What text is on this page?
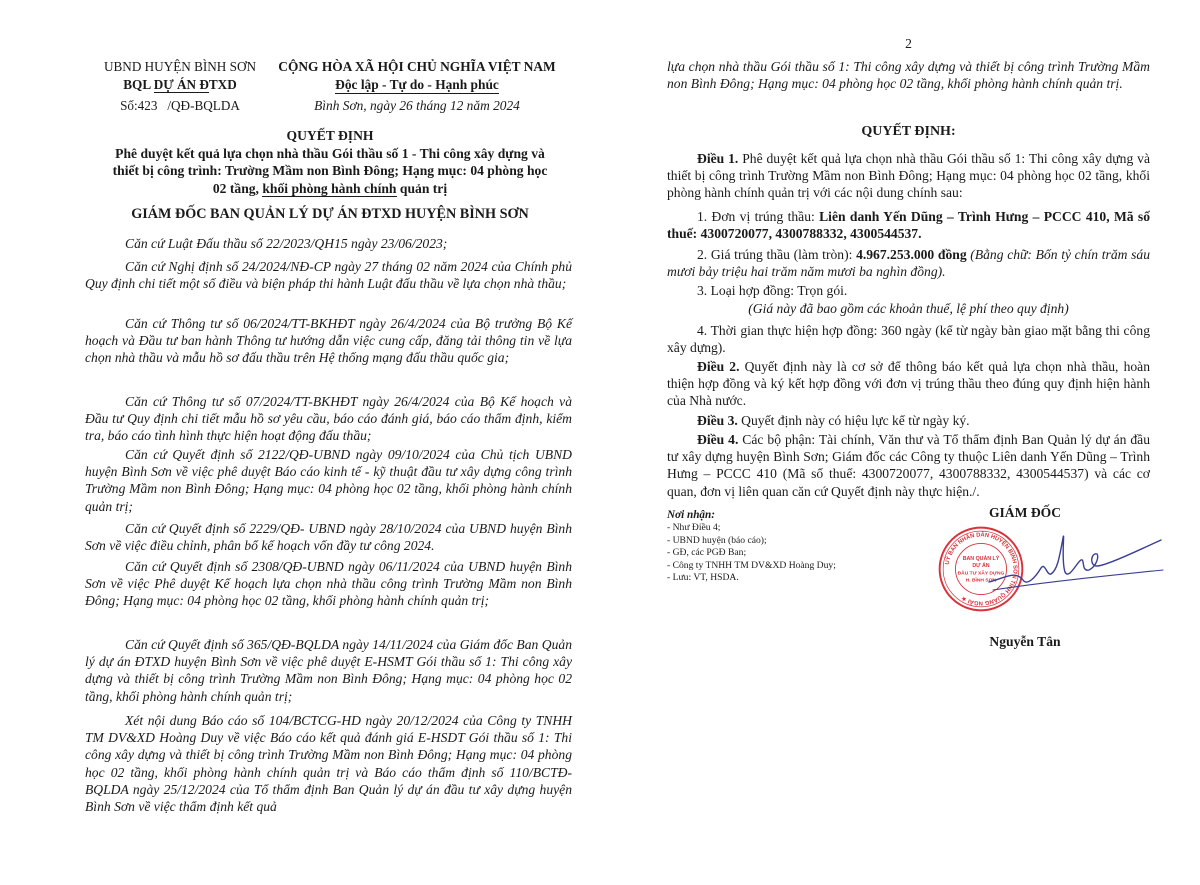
UBND HUYỆN BÌNH SƠN
BQL DỰ ÁN ĐTXD
Số:423   /QĐ-BQLDA
CỘNG HÒA XÃ HỘI CHỦ NGHĨA VIỆT NAM
Độc lập - Tự do - Hạnh phúc
Bình Sơn, ngày 26 tháng 12 năm 2024
QUYẾT ĐỊNH
Phê duyệt kết quả lựa chọn nhà thầu Gói thầu số 1 - Thi công xây dựng và
thiết bị công trình: Trường Mầm non Bình Đông; Hạng mục: 04 phòng học
02 tầng, khối phòng hành chính quản trị
GIÁM ĐỐC BAN QUẢN LÝ DỰ ÁN ĐTXD HUYỆN BÌNH SƠN

Căn cứ Luật Đấu thầu số 22/2023/QH15 ngày 23/06/2023;

Căn cứ Nghị định số 24/2024/NĐ-CP ngày 27 tháng 02 năm 2024 của Chính phủ Quy định chi tiết một số điều và biện pháp thi hành Luật đấu thầu về lựa chọn nhà thầu;

Căn cứ Thông tư số 06/2024/TT-BKHĐT ngày 26/4/2024 của Bộ trưởng Bộ Kế hoạch và Đầu tư ban hành Thông tư hướng dẫn việc cung cấp, đăng tải thông tin về lựa chọn nhà thầu và mẫu hồ sơ đấu thầu trên Hệ thống mạng đấu thầu quốc gia;

Căn cứ Thông tư số 07/2024/TT-BKHĐT ngày 26/4/2024 của Bộ Kế hoạch và Đầu tư Quy định chi tiết mẫu hồ sơ yêu cầu, báo cáo đánh giá, báo cáo thẩm định, kiểm tra, báo cáo tình hình thực hiện hoạt động đấu thầu;

Căn cứ Quyết định số 2122/QĐ-UBND ngày 09/10/2024 của Chủ tịch UBND huyện Bình Sơn về việc phê duyệt Báo cáo kinh tế - kỹ thuật đầu tư xây dựng công trình Trường Mầm non Bình Đông; Hạng mục: 04 phòng học 02 tầng, khối phòng hành chính quản trị;

Căn cứ Quyết định số 2229/QĐ- UBND ngày 28/10/2024 của UBND huyện Bình Sơn về việc điều chỉnh, phân bổ kế hoạch vốn đầy tư công 2024.

Căn cứ Quyết định số 2308/QĐ-UBND ngày 06/11/2024 của UBND huyện Bình Sơn về việc Phê duyệt Kế hoạch lựa chọn nhà thầu công trình Trường Mầm non Bình Đông; Hạng mục: 04 phòng học 02 tầng, khối phòng hành chính quản trị;

Căn cứ Quyết định số 365/QĐ-BQLDA ngày 14/11/2024 của Giám đốc Ban Quản lý dự án ĐTXD huyện Bình Sơn về việc phê duyệt E-HSMT Gói thầu số 1: Thi công xây dựng và thiết bị công trình Trường Mầm non Bình Đông; Hạng mục: 04 phòng học 02 tầng, khối phòng hành chính quản trị;

Xét nội dung Báo cáo số 104/BCTCG-HD ngày 20/12/2024 của Công ty TNHH TM DV&XD Hoàng Duy về việc Báo cáo kết quả đánh giá E-HSDT Gói thầu số 1: Thi công xây dựng và thiết bị công trình Trường Mầm non Bình Đông; Hạng mục: 04 phòng học 02 tầng, khối phòng hành chính quản trị và Báo cáo thẩm định số 110/BCTĐ-BQLDA ngày 25/12/2024 của Tổ thẩm định Ban Quản lý dự án đầu tư xây dựng huyện Bình Sơn về việc thẩm định kết quả

2

lựa chọn nhà thầu Gói thầu số 1: Thi công xây dựng và thiết bị công trình Trường Mầm non Bình Đông; Hạng mục: 04 phòng học 02 tầng, khối phòng hành chính quản trị.

QUYẾT ĐỊNH:

Điều 1. Phê duyệt kết quả lựa chọn nhà thầu Gói thầu số 1: Thi công xây dựng và thiết bị công trình Trường Mầm non Bình Đông; Hạng mục: 04 phòng học 02 tầng, khối phòng hành chính quản trị với các nội dung chính sau:

1. Đơn vị trúng thầu: Liên danh Yến Dũng – Trình Hưng – PCCC 410, Mã số thuế: 4300720077, 4300788332, 4300544537.

2. Giá trúng thầu (làm tròn): 4.967.253.000 đồng (Bằng chữ: Bốn tỷ chín trăm sáu mươi bảy triệu hai trăm năm mươi ba nghìn đồng).

3. Loại hợp đồng: Trọn gói.

(Giá này đã bao gồm các khoản thuế, lệ phí theo quy định)

4. Thời gian thực hiện hợp đồng: 360 ngày (kể từ ngày bàn giao mặt bằng thi công xây dựng).

Điều 2. Quyết định này là cơ sở để thông báo kết quả lựa chọn nhà thầu, hoàn thiện hợp đồng và ký kết hợp đồng với đơn vị trúng thầu theo đúng quy định hiện hành của Nhà nước.

Điều 3. Quyết định này có hiệu lực kể từ ngày ký.

Điều 4. Các bộ phận: Tài chính, Văn thư và Tổ thẩm định Ban Quản lý dự án đầu tư xây dựng huyện Bình Sơn; Giám đốc các Công ty thuộc Liên danh Yến Dũng – Trình Hưng – PCCC 410 (Mã số thuế: 4300720077, 4300788332, 4300544537) và các cơ quan, đơn vị liên quan căn cứ Quyết định này thực hiện./.

Nơi nhận:
- Như Điều 4;
- UBND huyện (báo cáo);
- GĐ, các PGĐ Ban;
- Công ty TNHH TM DV&XD Hoàng Duy;
- Lưu: VT, HSDA.
GIÁM ĐỐC
UỶ BAN NHÂN DÂN HUYỆN BÌNH SƠN TỈNH QUẢNG NGÃI ★
BAN QUẢN LÝ
DỰ ÁN
ĐẦU TƯ XÂY DỰNG
H. BÌNH SƠN
Nguyễn Tân
